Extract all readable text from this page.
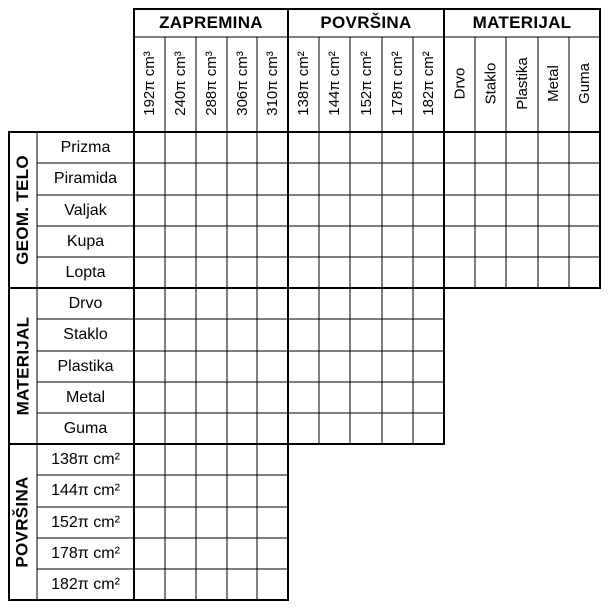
ZAPREMINA	POVRŠINA	MATERIJAL
192π cm³ 240π cm³ 288π cm³ 306π cm³ 310π cm³ 138π cm² 144π cm² 152π cm² 178π cm² 182π cm² Drvo Staklo Plastika Metal Guma
GEOM. TELO
MATERIJAL
POVRŠINA
Prizma
Piramida
Valjak
Kupa
Lopta
Drvo
Staklo
Plastika
Metal
Guma
138π cm²
144π cm²
152π cm²
178π cm²
182π cm²
